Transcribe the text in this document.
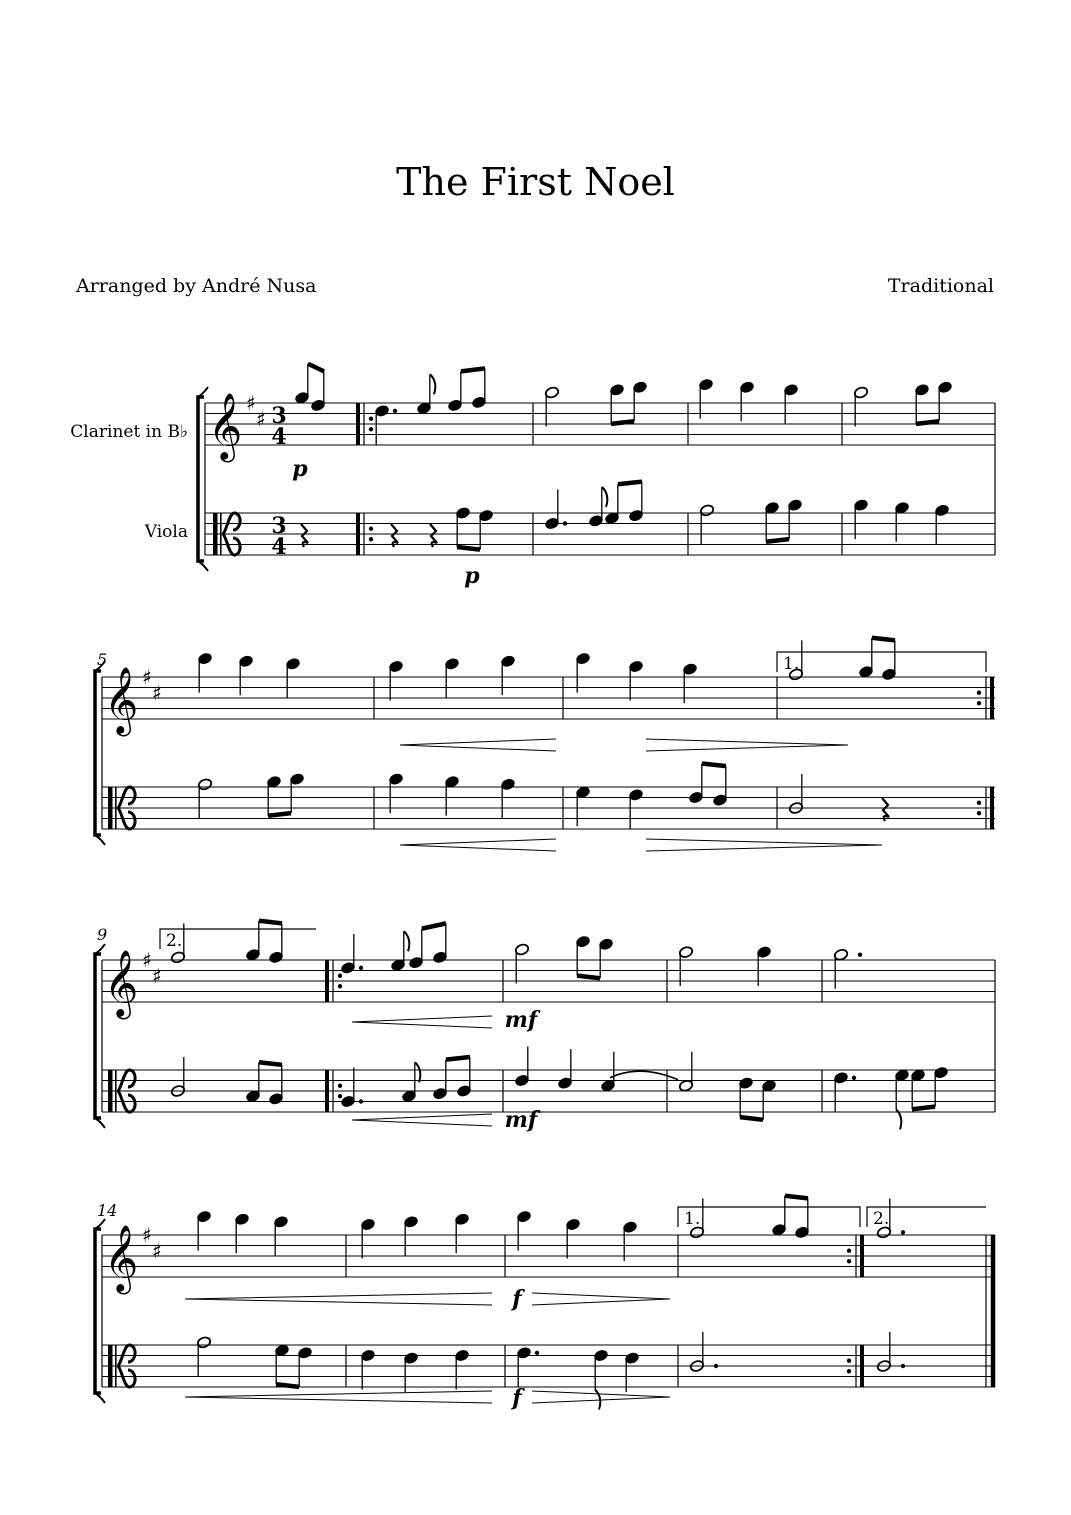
The First Noel
Arranged by André Nusa	Traditional
Clarinet in B♭
Viola
𝄞 ♯
♯ 3
4
3
4
p
p
5
𝄞 ♯
♯
1.
9
𝄞 ♯
♯
2.
mf
mf
14
𝄞 ♯
♯
f
f
1.	2.
